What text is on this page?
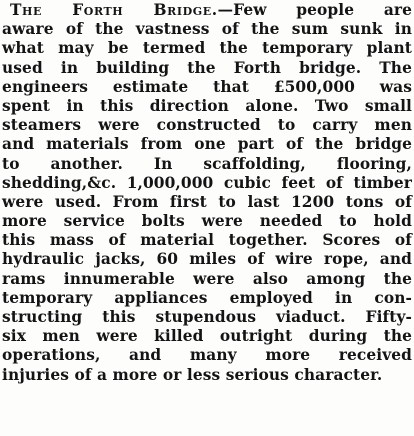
The Forth Bridge.—Few people are
aware of the vastness of the sum sunk in
what may be termed the temporary plant
used in building the Forth bridge. The
engineers estimate that £500,000 was
spent in this direction alone. Two small
steamers were constructed to carry men
and materials from one part of the bridge
to another. In scaffolding, flooring,
shedding,&c. 1,000,000 cubic feet of timber
were used. From first to last 1200 tons of
more service bolts were needed to hold
this mass of material together. Scores of
hydraulic jacks, 60 miles of wire rope, and
rams innumerable were also among the
temporary appliances employed in con-
structing this stupendous viaduct. Fifty-
six men were killed outright during the
operations, and many more received
injuries of a more or less serious character.
